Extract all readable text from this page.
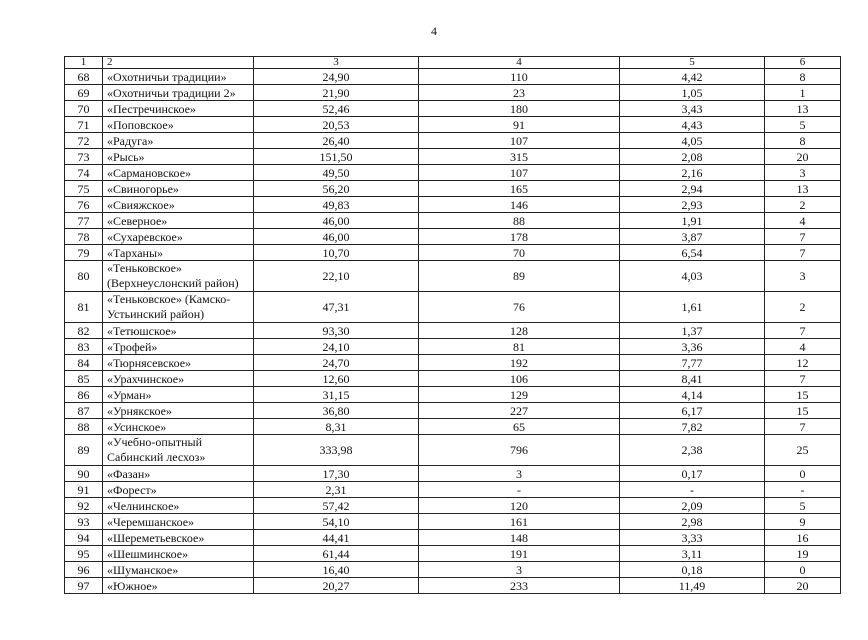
4
1	2	3	4	5	6
68	«Охотничьи традиции»	24,90	110	4,42	8
69	«Охотничьи традиции 2»	21,90	23	1,05	1
70	«Пестречинское»	52,46	180	3,43	13
71	«Поповское»	20,53	91	4,43	5
72	«Радуга»	26,40	107	4,05	8
73	«Рысь»	151,50	315	2,08	20
74	«Сармановское»	49,50	107	2,16	3
75	«Свиногорье»	56,20	165	2,94	13
76	«Свияжское»	49,83	146	2,93	2
77	«Северное»	46,00	88	1,91	4
78	«Сухаревское»	46,00	178	3,87	7
79	«Тарханы»	10,70	70	6,54	7
80	«Теньковское» (Верхнеуслонский район)	22,10	89	4,03	3
81	«Теньковское» (Камско-Устьинский район)	47,31	76	1,61	2
82	«Тетюшское»	93,30	128	1,37	7
83	«Трофей»	24,10	81	3,36	4
84	«Тюрнясевское»	24,70	192	7,77	12
85	«Урахчинское»	12,60	106	8,41	7
86	«Урман»	31,15	129	4,14	15
87	«Урнякское»	36,80	227	6,17	15
88	«Усинское»	8,31	65	7,82	7
89	«Учебно-опытный Сабинский лесхоз»	333,98	796	2,38	25
90	«Фазан»	17,30	3	0,17	0
91	«Форест»	2,31	-	-	-
92	«Челнинское»	57,42	120	2,09	5
93	«Черемшанское»	54,10	161	2,98	9
94	«Шереметьевское»	44,41	148	3,33	16
95	«Шешминское»	61,44	191	3,11	19
96	«Шуманское»	16,40	3	0,18	0
97	«Южное»	20,27	233	11,49	20
